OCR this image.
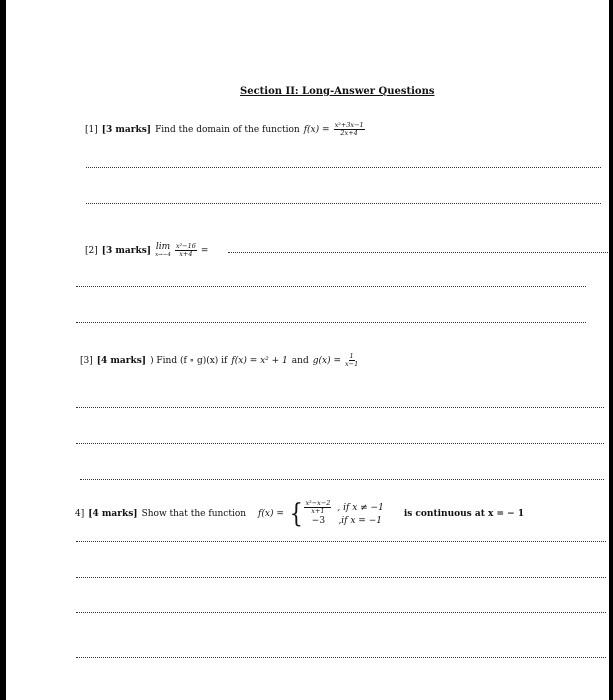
Section II: Long-Answer Questions
[1] [3 marks] Find the domain of the function $f(x) = \frac{\text{x²+3x−1}}{2x+4}$
[2] [3 marks] lim
$x\to-4 \frac{\text{x²−16}}{x+4}$ =
[3] [4 marks] ) Find (f ∘ g)(x) if f(x) = x² + 1 and $g(x) = \frac{1}{x-1}$
4] [4 marks] Show that the function f(x) = { $\frac{\text{x²−x−2}}{x+1}$ , if x ≠ −1
−3	,if x = −1
is continuous at x = − 1
